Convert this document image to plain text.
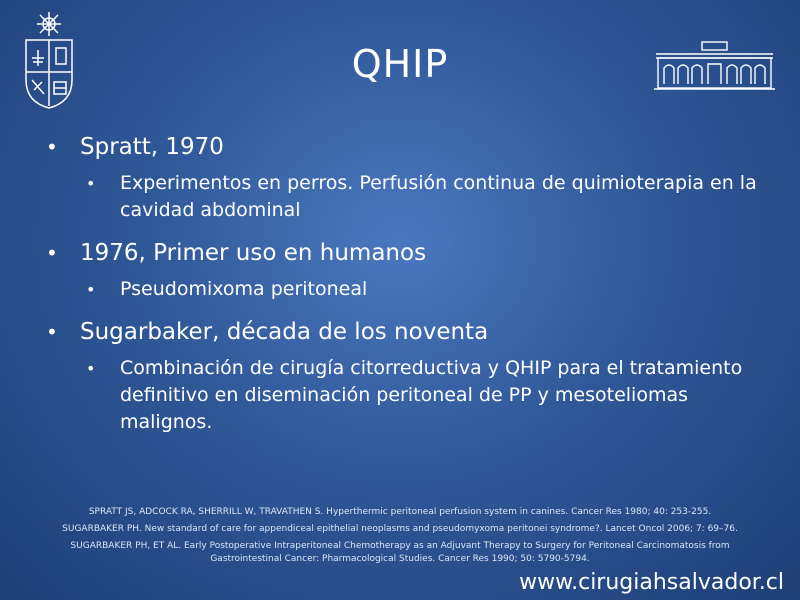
QHIP
• Spratt, 1970
• Experimentos en perros. Perfusión continua de quimioterapia en la cavidad abdominal
• 1976, Primer uso en humanos
• Pseudomixoma peritoneal
• Sugarbaker, década de los noventa
• Combinación de cirugía citorreductiva y QHIP para el tratamiento definitivo en diseminación peritoneal de PP y mesoteliomas malignos.

SPRATT JS, ADCOCK RA, SHERRILL W, TRAVATHEN S. Hyperthermic peritoneal perfusion system in canines. Cancer Res 1980; 40: 253-255.

SUGARBAKER PH. New standard of care for appendiceal epithelial neoplasms and pseudomyxoma peritonei syndrome?. Lancet Oncol 2006; 7: 69–76.

SUGARBAKER PH, ET AL. Early Postoperative Intraperitoneal Chemotherapy as an Adjuvant Therapy to Surgery for Peritoneal Carcinomatosis from Gastrointestinal Cancer: Pharmacological Studies. Cancer Res 1990; 50: 5790-5794.

www.cirugiahsalvador.cl
